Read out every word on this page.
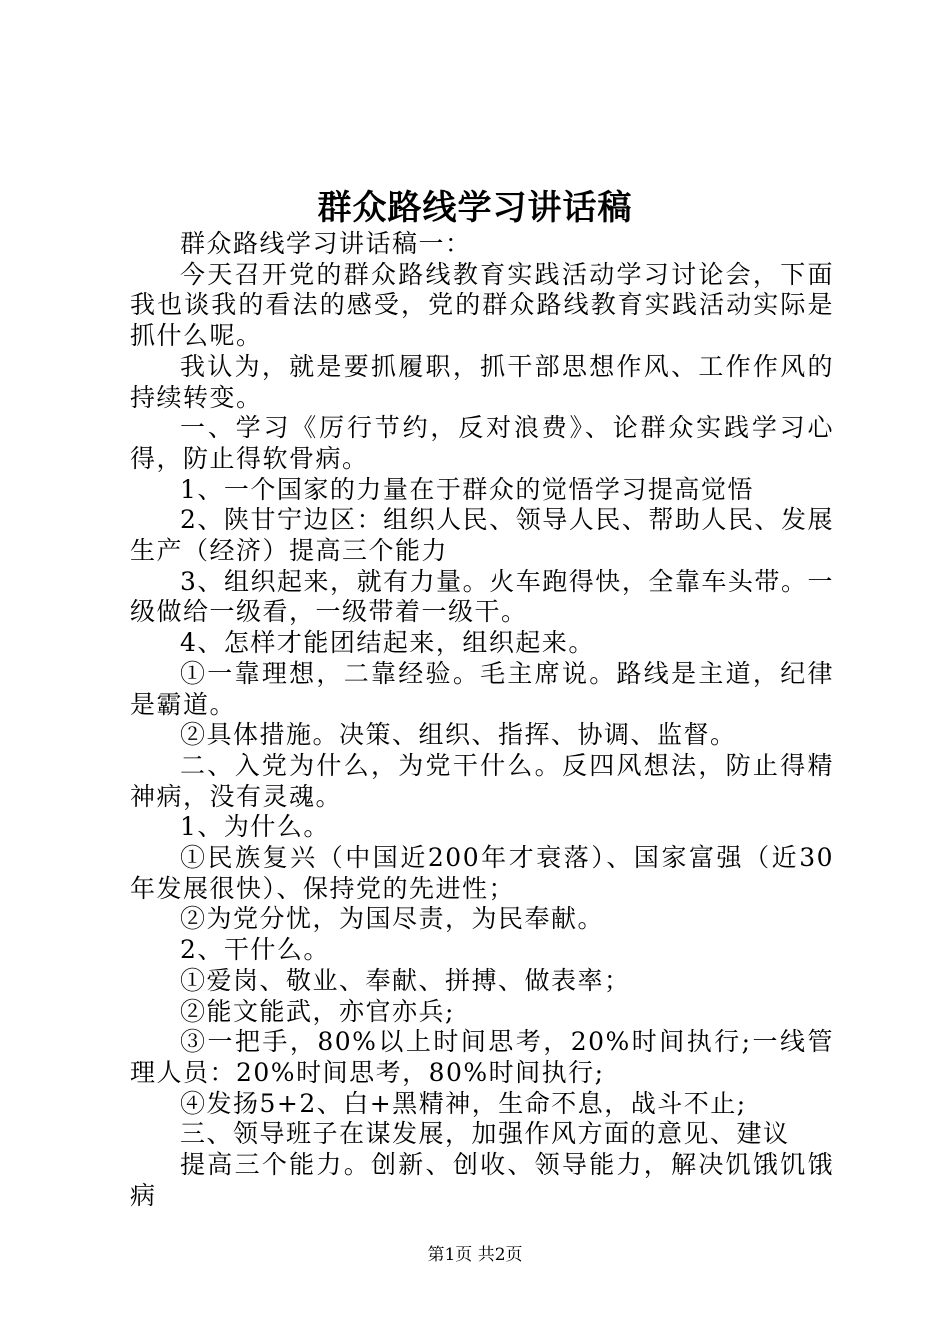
群众路线学习讲话稿

群众路线学习讲话稿一：

今天召开党的群众路线教育实践活动学习讨论会，下面我也谈我的看法的感受，党的群众路线教育实践活动实际是抓什么呢。

我认为，就是要抓履职，抓干部思想作风、工作作风的持续转变。

一、学习《厉行节约，反对浪费》、论群众实践学习心得，防止得软骨病。

1、一个国家的力量在于群众的觉悟学习提高觉悟

2、陕甘宁边区：组织人民、领导人民、帮助人民、发展生产（经济）提高三个能力

3、组织起来，就有力量。火车跑得快，全靠车头带。一级做给一级看，一级带着一级干。

4、怎样才能团结起来，组织起来。

①一靠理想，二靠经验。毛主席说。路线是主道，纪律是霸道。

②具体措施。决策、组织、指挥、协调、监督。

二、入党为什么，为党干什么。反四风想法，防止得精神病，没有灵魂。

1、为什么。

①民族复兴（中国近200年才衰落）、国家富强（近30年发展很快）、保持党的先进性；

②为党分忧，为国尽责，为民奉献。

2、干什么。

①爱岗、敬业、奉献、拼搏、做表率；

②能文能武，亦官亦兵;

③一把手，80%以上时间思考，20%时间执行;一线管理人员：20%时间思考，80%时间执行;

④发扬5+2、白+黑精神，生命不息，战斗不止;

三、领导班子在谋发展，加强作风方面的意见、建议

提高三个能力。创新、创收、领导能力，解决饥饿饥饿病

第1页 共2页
